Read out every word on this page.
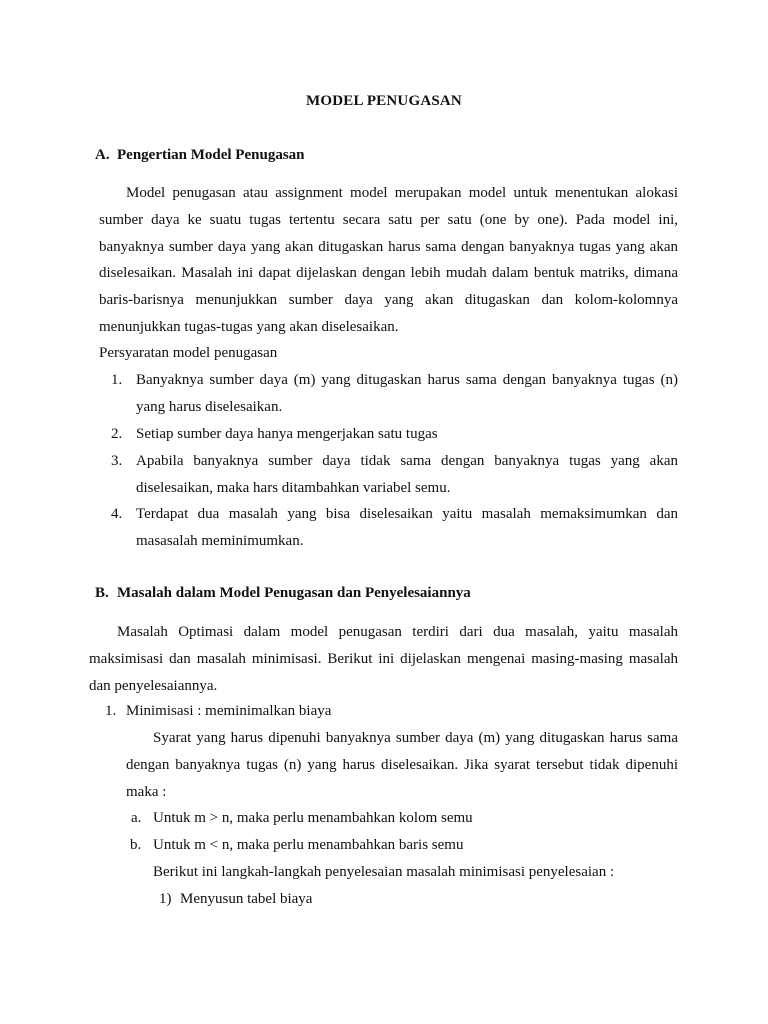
MODEL PENUGASAN
A. Pengertian Model Penugasan
Model penugasan atau assignment model merupakan model untuk menentukan alokasi sumber daya ke suatu tugas tertentu secara satu per satu (one by one). Pada model ini, banyaknya sumber daya yang akan ditugaskan harus sama dengan banyaknya tugas yang akan diselesaikan. Masalah ini dapat dijelaskan dengan lebih mudah dalam bentuk matriks, dimana baris-barisnya menunjukkan sumber daya yang akan ditugaskan dan kolom-kolomnya menunjukkan tugas-tugas yang akan diselesaikan.
Persyaratan model penugasan
1. Banyaknya sumber daya (m) yang ditugaskan harus sama dengan banyaknya tugas (n) yang harus diselesaikan.
2. Setiap sumber daya hanya mengerjakan satu tugas
3. Apabila banyaknya sumber daya tidak sama dengan banyaknya tugas yang akan diselesaikan, maka hars ditambahkan variabel semu.
4. Terdapat dua masalah yang bisa diselesaikan yaitu masalah memaksimumkan dan masasalah meminimumkan.
B. Masalah dalam Model Penugasan dan Penyelesaiannya
Masalah Optimasi dalam model penugasan terdiri dari dua masalah, yaitu masalah maksimisasi dan masalah minimisasi. Berikut ini dijelaskan mengenai masing-masing masalah dan penyelesaiannya.
1. Minimisasi : meminimalkan biaya
Syarat yang harus dipenuhi banyaknya sumber daya (m) yang ditugaskan harus sama dengan banyaknya tugas (n) yang harus diselesaikan. Jika syarat tersebut tidak dipenuhi maka :
a. Untuk m > n, maka perlu menambahkan kolom semu
b. Untuk m < n, maka perlu menambahkan baris semu
Berikut ini langkah-langkah penyelesaian masalah minimisasi penyelesaian :
1) Menyusun tabel biaya
